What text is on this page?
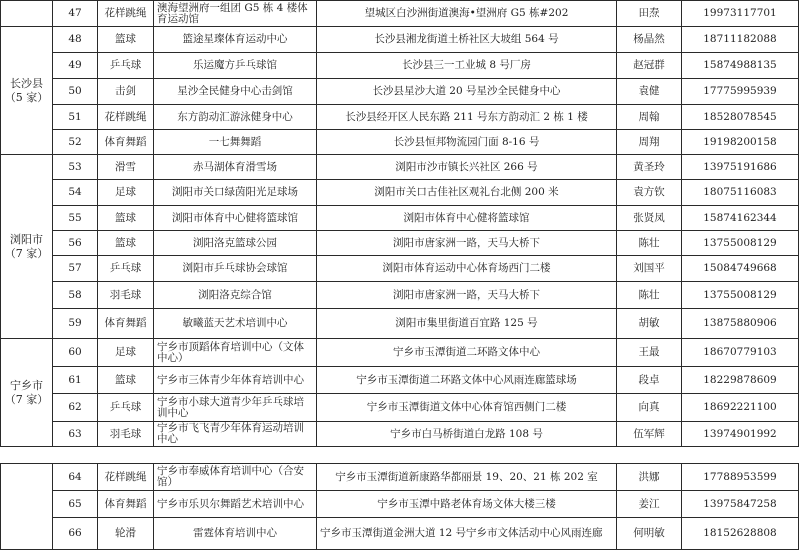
	47	花样跳绳	澳海望洲府一组团 G5 栋 4 楼体育运动馆	望城区白沙洲街道澳海•望洲府 G5 栋#202	田焘	19973117701
长沙县（5 家）	48	篮球	篮途星璨体育运动中心	长沙县湘龙街道土桥社区大坡组 564 号	杨晶然	18711182088
	49	乒乓球	乐运魔方乒乓球馆	长沙县三一工业城 8 号厂房	赵冠群	15874988135
	50	击剑	星沙全民健身中心击剑馆	长沙县星沙大道 20 号星沙全民健身中心	袁健	17775995939
	51	花样跳绳	东方韵动汇游泳健身中心	长沙县经开区人民东路 211 号东方韵动汇 2 栋 1 楼	周翰	18528078545
	52	体育舞蹈	一七舞舞蹈	长沙县恒邦物流园门面 8-16 号	周翔	19198200158
浏阳市（7 家）	53	滑雪	赤马湖体育滑雪场	浏阳市沙市镇长兴社区 266 号	黄圣玲	13975191686
	54	足球	浏阳市关口绿茵阳光足球场	浏阳市关口古佳社区观礼台北侧 200 米	袁方钦	18075116083
	55	篮球	浏阳市体育中心健将篮球馆	浏阳市体育中心健将篮球馆	张贤凤	15874162344
	56	篮球	浏阳洛克篮球公园	浏阳市唐家洲一路，天马大桥下	陈壮	13755008129
	57	乒乓球	浏阳市乒乓球协会球馆	浏阳市体育运动中心体育场西门二楼	刘国平	15084749668
	58	羽毛球	浏阳洛克综合馆	浏阳市唐家洲一路，天马大桥下	陈壮	13755008129
	59	体育舞蹈	敏曦蓝天艺术培训中心	浏阳市集里街道百宜路 125 号	胡敏	13875880906
宁乡市（7 家）	60	足球	宁乡市顶蹈体育培训中心（文体中心）	宁乡市玉潭街道二环路文体中心	王最	18670779103
	61	篮球	宁乡市三体青少年体育培训中心	宁乡市玉潭街道二环路文体中心风雨连廊篮球场	段卓	18229878609
	62	乒乓球	宁乡市小球大道青少年乒乓球培训中心	宁乡市玉潭街道文体中心体育馆西侧门二楼	向真	18692221100
	63	羽毛球	宁乡市飞飞青少年体育运动培训中心	宁乡市白马桥街道白龙路 108 号	伍军辉	13974901992
	64	花样跳绳	宁乡市奉威体育培训中心（合安馆）	宁乡市玉潭街道新康路华都丽景 19、20、21 栋 202 室	洪娜	17788953599
	65	体育舞蹈	宁乡市乐贝尔舞蹈艺术培训中心	宁乡市玉潭中路老体育场文体大楼三楼	姜江	13975847258
	66	轮滑	雷霆体育培训中心	宁乡市玉潭街道金洲大道 12 号宁乡市文体活动中心风雨连廊	何明敏	18152628808
